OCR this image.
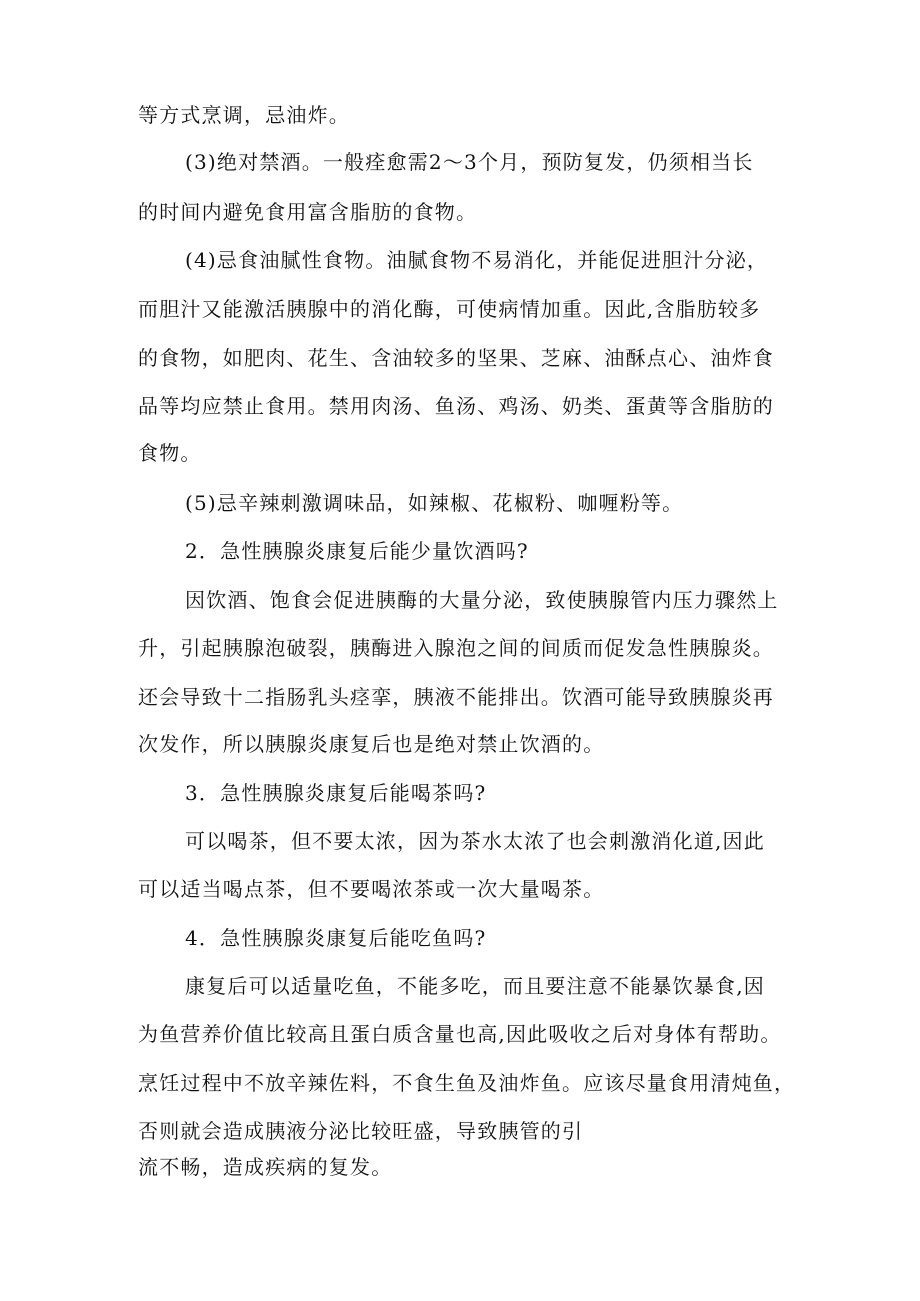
等方式烹调，忌油炸。
(3)绝对禁酒。一般痊愈需2～3个月，预防复发，仍须相当长
的时间内避免食用富含脂肪的食物。
(4)忌食油腻性食物。油腻食物不易消化，并能促进胆汁分泌，
而胆汁又能激活胰腺中的消化酶，可使病情加重。因此,含脂肪较多
的食物，如肥肉、花生、含油较多的坚果、芝麻、油酥点心、油炸食
品等均应禁止食用。禁用肉汤、鱼汤、鸡汤、奶类、蛋黄等含脂肪的
食物。
(5)忌辛辣刺激调味品，如辣椒、花椒粉、咖喱粉等。
2．急性胰腺炎康复后能少量饮酒吗?
因饮酒、饱食会促进胰酶的大量分泌，致使胰腺管内压力骤然上
升，引起胰腺泡破裂，胰酶进入腺泡之间的间质而促发急性胰腺炎。
还会导致十二指肠乳头痉挛，胰液不能排出。饮酒可能导致胰腺炎再
次发作，所以胰腺炎康复后也是绝对禁止饮酒的。
3．急性胰腺炎康复后能喝茶吗?
可以喝茶，但不要太浓，因为茶水太浓了也会刺激消化道,因此
可以适当喝点茶，但不要喝浓茶或一次大量喝茶。
4．急性胰腺炎康复后能吃鱼吗?
康复后可以适量吃鱼，不能多吃，而且要注意不能暴饮暴食,因
为鱼营养价值比较高且蛋白质含量也高,因此吸收之后对身体有帮助。
烹饪过程中不放辛辣佐料，不食生鱼及油炸鱼。应该尽量食用清炖鱼，
否则就会造成胰液分泌比较旺盛，导致胰管的引
流不畅，造成疾病的复发。
